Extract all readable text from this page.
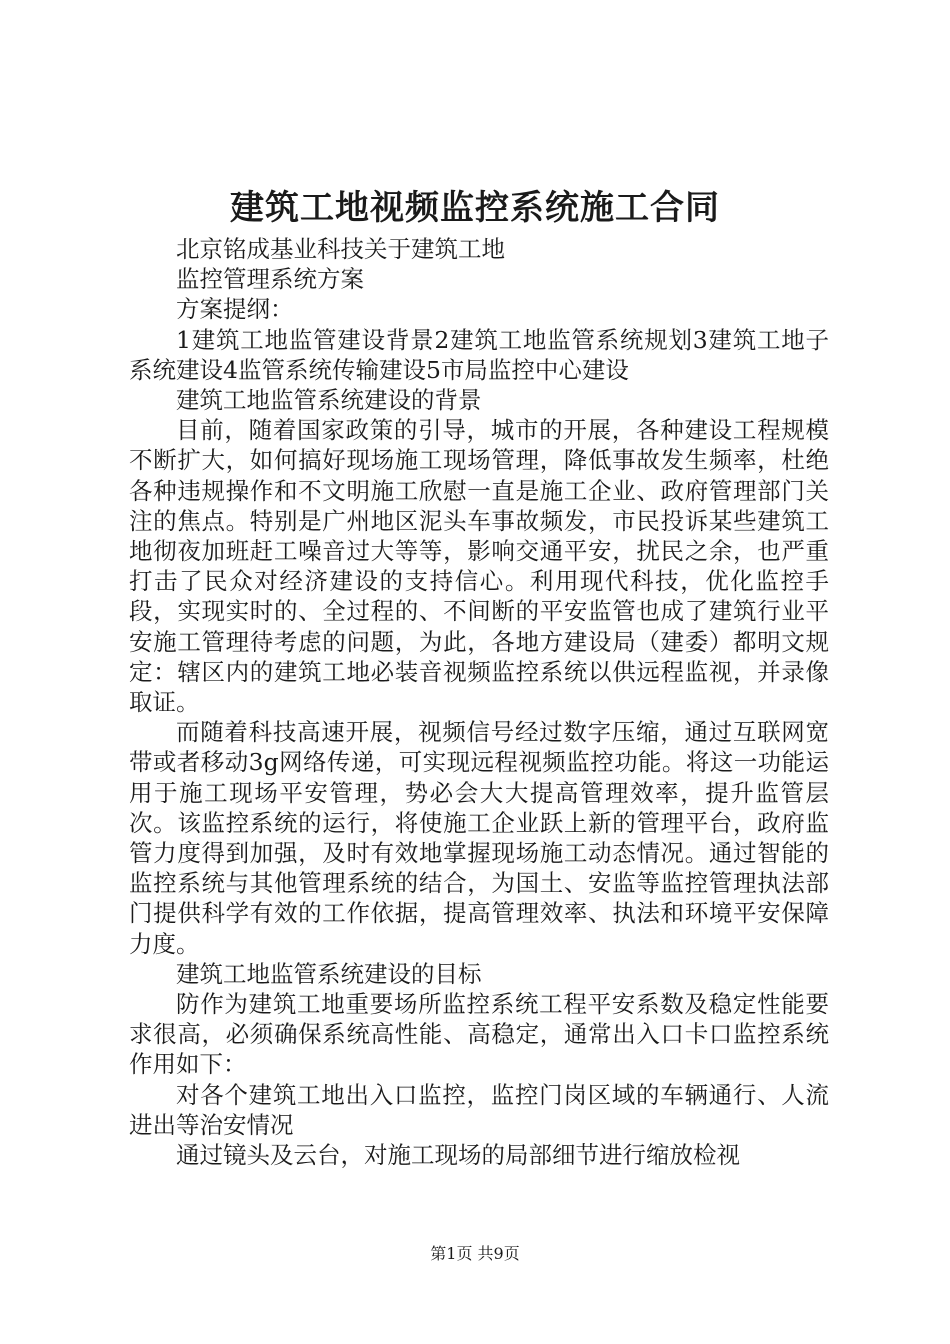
建筑工地视频监控系统施工合同

北京铭成基业科技关于建筑工地

监控管理系统方案

方案提纲：

1建筑工地监管建设背景2建筑工地监管系统规划3建筑工地子系统建设4监管系统传输建设5市局监控中心建设

建筑工地监管系统建设的背景

目前，随着国家政策的引导，城市的开展，各种建设工程规模不断扩大，如何搞好现场施工现场管理，降低事故发生频率，杜绝各种违规操作和不文明施工欣慰一直是施工企业、政府管理部门关注的焦点。特别是广州地区泥头车事故频发，市民投诉某些建筑工地彻夜加班赶工噪音过大等等，影响交通平安，扰民之余，也严重打击了民众对经济建设的支持信心。利用现代科技，优化监控手段，实现实时的、全过程的、不间断的平安监管也成了建筑行业平安施工管理待考虑的问题，为此，各地方建设局（建委）都明文规定：辖区内的建筑工地必装音视频监控系统以供远程监视，并录像取证。

而随着科技高速开展，视频信号经过数字压缩，通过互联网宽带或者移动3g网络传递，可实现远程视频监控功能。将这一功能运用于施工现场平安管理，势必会大大提高管理效率，提升监管层次。该监控系统的运行，将使施工企业跃上新的管理平台，政府监管力度得到加强，及时有效地掌握现场施工动态情况。通过智能的监控系统与其他管理系统的结合，为国土、安监等监控管理执法部门提供科学有效的工作依据，提高管理效率、执法和环境平安保障力度。

建筑工地监管系统建设的目标

防作为建筑工地重要场所监控系统工程平安系数及稳定性能要求很高，必须确保系统高性能、高稳定，通常出入口卡口监控系统作用如下：

对各个建筑工地出入口监控，监控门岗区域的车辆通行、人流进出等治安情况

通过镜头及云台，对施工现场的局部细节进行缩放检视

第1页 共9页
